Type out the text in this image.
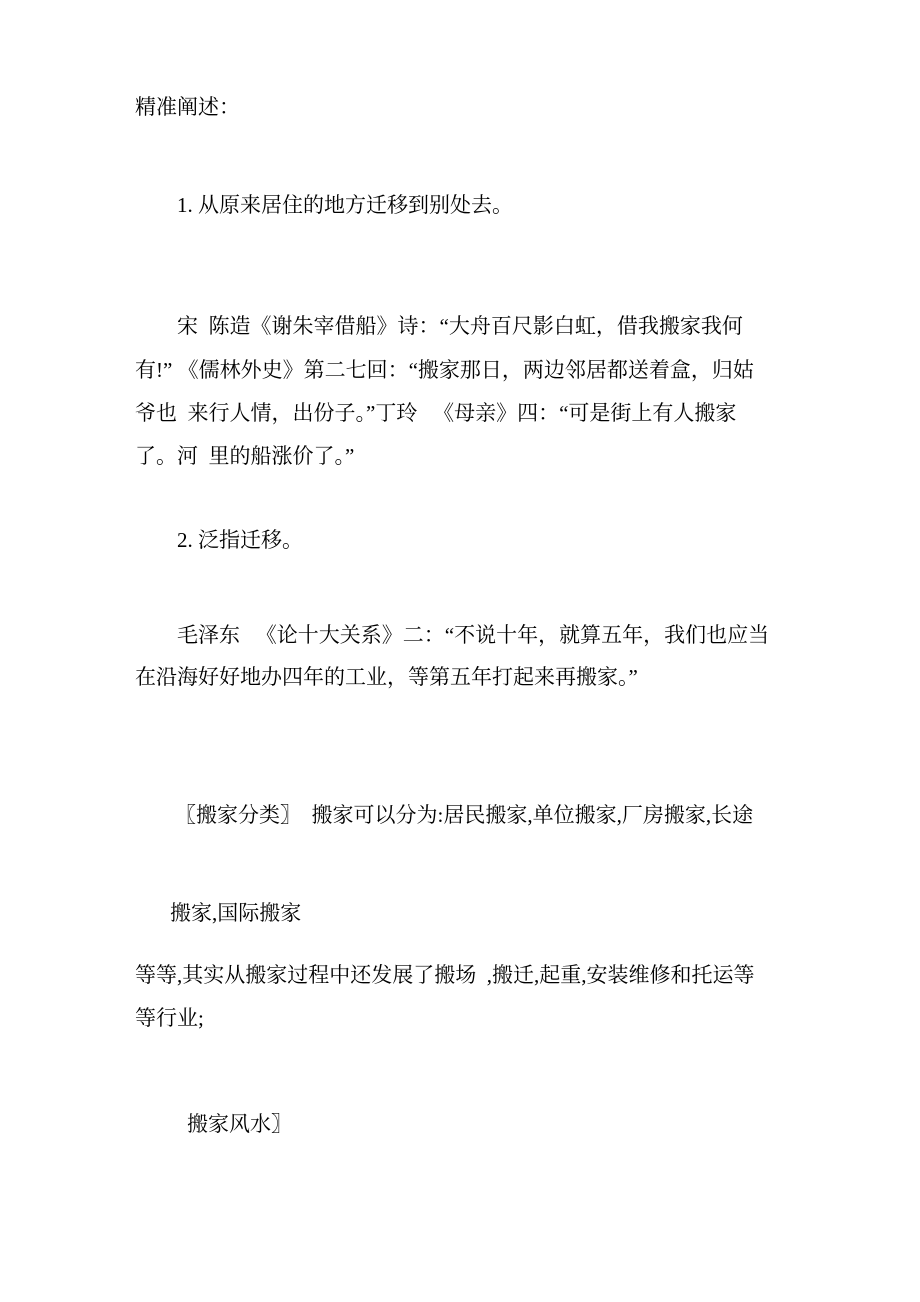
精准阐述：
1. 从原来居住的地方迁移到别处去。
宋  陈造《谢朱宰借船》诗：“大舟百尺影白虹，借我搬家我何
有!” 《儒林外史》第二七回：“搬家那日，两边邻居都送着盒，归姑
爷也  来行人情，出份子。”丁玲   《母亲》四：“可是街上有人搬家
了。河  里的船涨价了。”
2. 泛指迁移。
毛泽东   《论十大关系》二：“不说十年，就算五年，我们也应当
在沿海好好地办四年的工业，等第五年打起来再搬家。”
〖搬家分类〗  搬家可以分为:居民搬家,单位搬家,厂房搬家,长途
搬家,国际搬家
等等,其实从搬家过程中还发展了搬场  ,搬迁,起重,安装维修和托运等
等行业;
搬家风水〗
